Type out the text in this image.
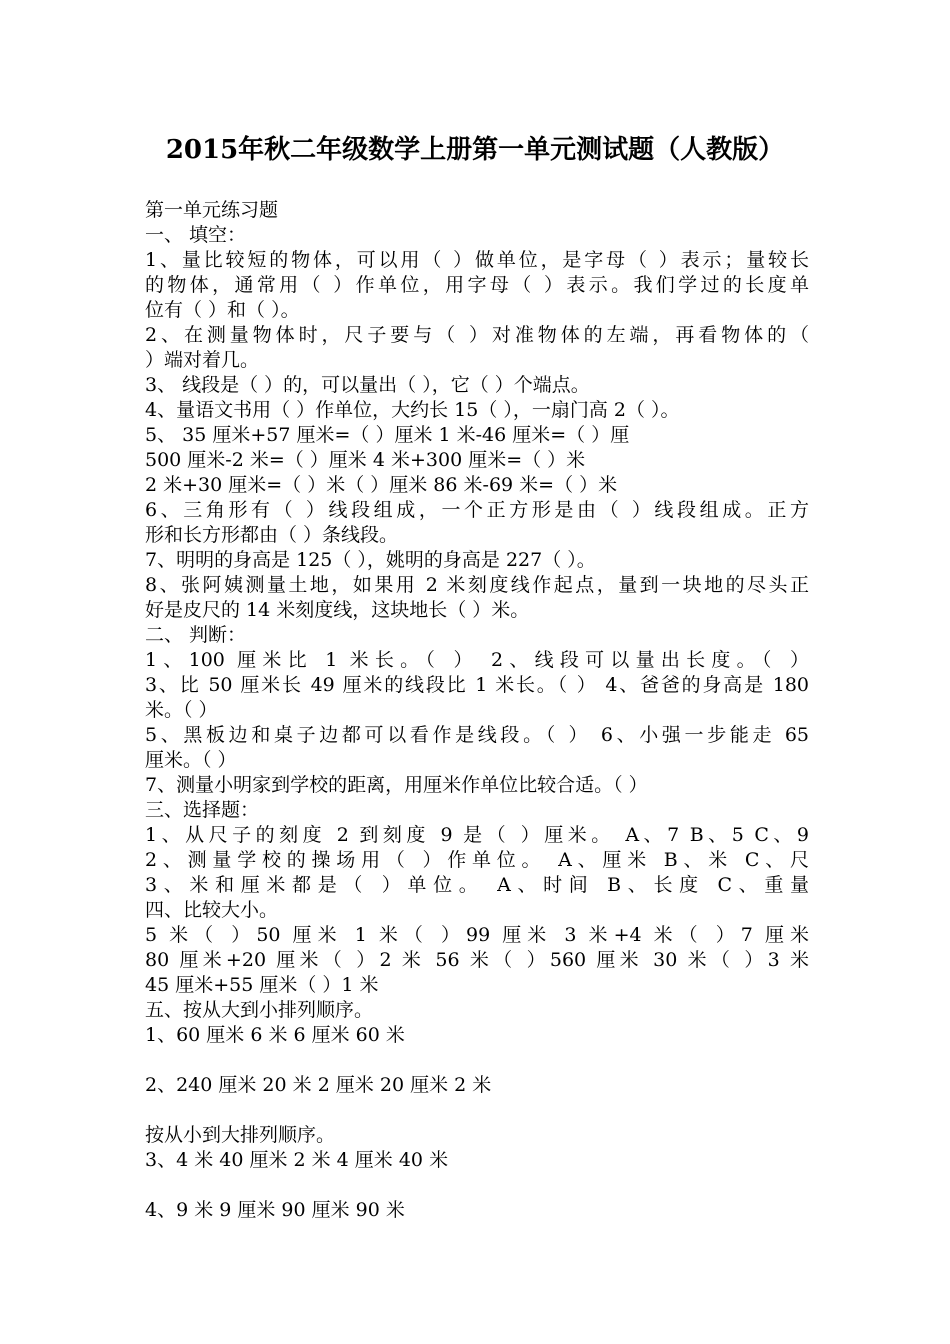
2015年秋二年级数学上册第一单元测试题（人教版）
第一单元练习题
一、 填空：
1、量比较短的物体，可以用（ ）做单位，是字母（ ）表示；量较长
的物体，通常用（ ）作单位，用字母（ ）表示。我们学过的长度单
位有（ ）和（ ）。
2、在测量物体时，尺子要与（ ）对准物体的左端，再看物体的（
）端对着几。
3、 线段是（ ）的，可以量出（ ），它（ ）个端点。
4、量语文书用（ ）作单位，大约长 15（ ），一扇门高 2（ ）。
5、 35 厘米+57 厘米=（ ）厘米 1 米-46 厘米=（ ）厘
500 厘米-2 米=（ ）厘米 4 米+300 厘米=（ ）米
2 米+30 厘米=（ ）米（ ）厘米 86 米-69 米=（ ）米
6、三角形有（ ）线段组成，一个正方形是由（ ）线段组成。正方
形和长方形都由（ ）条线段。
7、明明的身高是 125（ ），姚明的身高是 227（ ）。
8、张阿姨测量土地，如果用 2 米刻度线作起点，量到一块地的尽头正
好是皮尺的 14 米刻度线，这块地长（ ）米。
二、 判断：
1、100 厘米比 1 米长。（ ） 2、线段可以量出长度。（ ）
3、比 50 厘米长 49 厘米的线段比 1 米长。（ ） 4、爸爸的身高是 180
米。（ ）
5、黑板边和桌子边都可以看作是线段。（ ） 6、小强一步能走 65
厘米。（ ）
7、测量小明家到学校的距离，用厘米作单位比较合适。（ ）
三、选择题：
1、从尺子的刻度 2 到刻度 9 是（ ）厘米。 A、7 B、5 C、9
2、测量学校的操场用（ ）作单位。 A、厘米 B、米 C、尺
3、米和厘米都是（ ）单位。 A、时间 B、长度 C、重量
四、比较大小。
5 米（ ）50 厘米 1 米（ ）99 厘米 3 米+4 米（ ）7 厘米
80 厘米+20 厘米（ ）2 米 56 米（ ）560 厘米 30 米（ ）3 米
45 厘米+55 厘米（ ）1 米
五、按从大到小排列顺序。
1、60 厘米 6 米 6 厘米 60 米
2、240 厘米 20 米 2 厘米 20 厘米 2 米
按从小到大排列顺序。
3、4 米 40 厘米 2 米 4 厘米 40 米
4、9 米 9 厘米 90 厘米 90 米
